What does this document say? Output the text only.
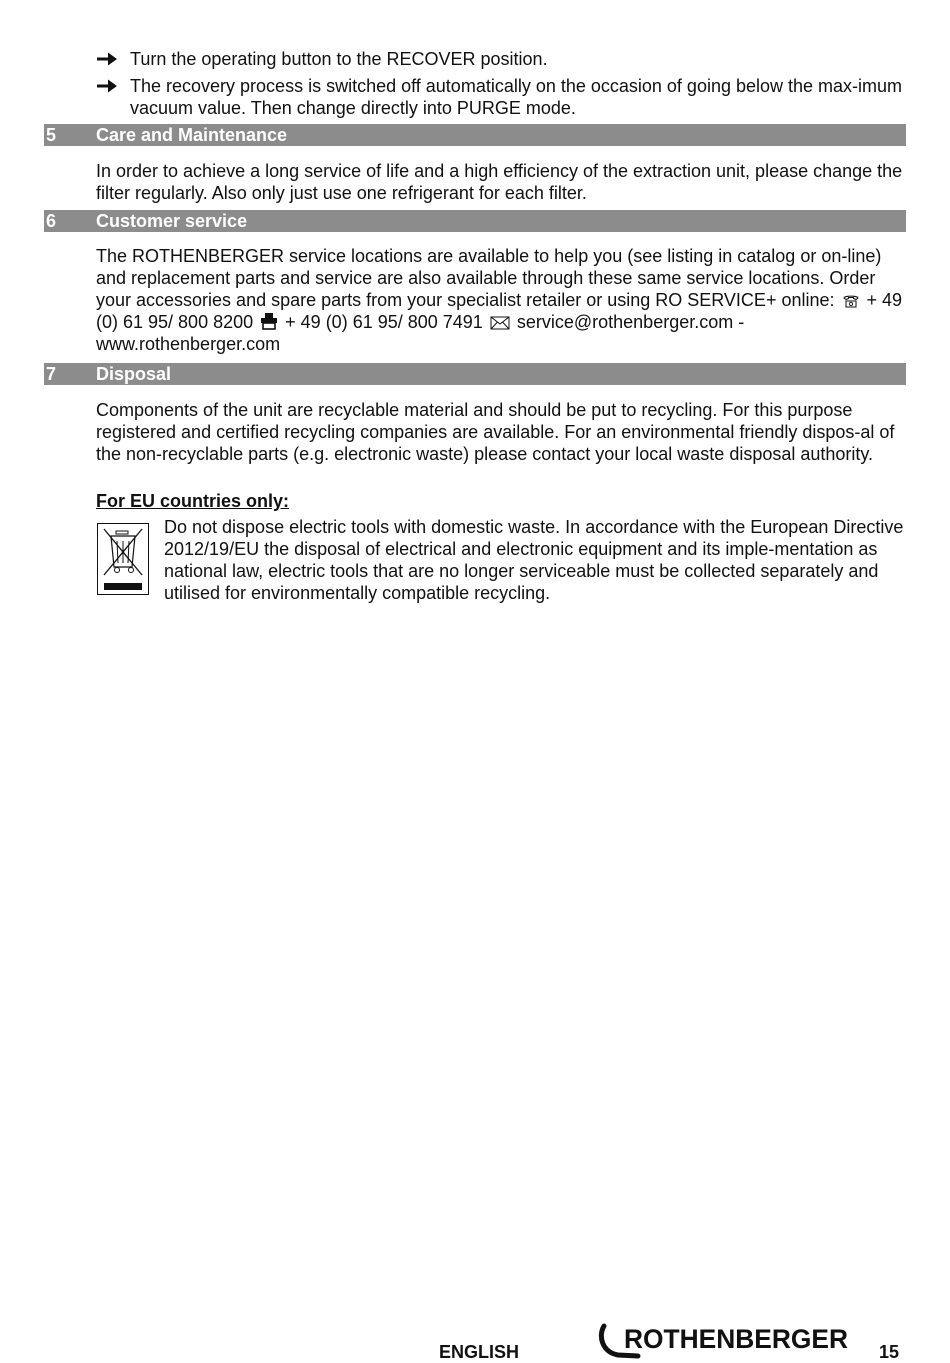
Turn the operating button to the RECOVER position.
The recovery process is switched off automatically on the occasion of going below the max-imum vacuum value. Then change directly into PURGE mode.
5 Care and Maintenance

In order to achieve a long service of life and a high efficiency of the extraction unit, please change the filter regularly. Also only just use one refrigerant for each filter.

6 Customer service
The ROTHENBERGER service locations are available to help you (see listing in catalog or on-line) and replacement parts and service are also available through these same service locations. Order your accessories and spare parts from your specialist retailer or using RO SERVICE+ online: + 49 (0) 61 95/ 800 8200 + 49 (0) 61 95/ 800 7491 service@rothenberger.com -
www.rothenberger.com
7 Disposal

Components of the unit are recyclable material and should be put to recycling. For this purpose registered and certified recycling companies are available. For an environmental friendly dispos-al of the non-recyclable parts (e.g. electronic waste) please contact your local waste disposal authority.

For EU countries only:

Do not dispose electric tools with domestic waste. In accordance with the European Directive 2012/19/EU the disposal of electrical and electronic equipment and its imple-mentation as national law, electric tools that are no longer serviceable must be collected separately and utilised for environmentally compatible recycling.

ENGLISH	ROTHENBERGER 15
